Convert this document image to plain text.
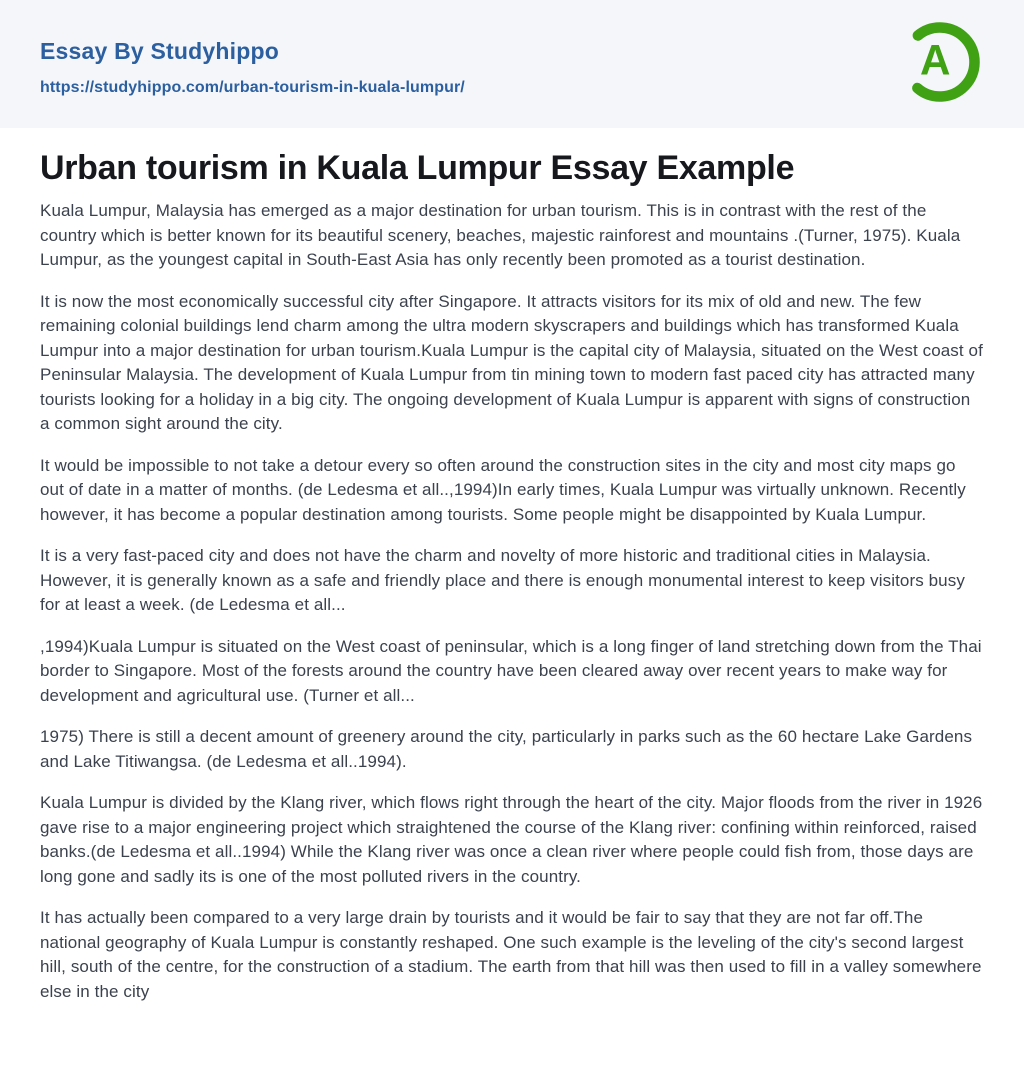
Essay By Studyhippo
https://studyhippo.com/urban-tourism-in-kuala-lumpur/
A
Urban tourism in Kuala Lumpur Essay Example

Kuala Lumpur, Malaysia has emerged as a major destination for urban tourism. This is in contrast with the rest of the country which is better known for its beautiful scenery, beaches, majestic rainforest and mountains .(Turner, 1975). Kuala Lumpur, as the youngest capital in South-East Asia has only recently been promoted as a tourist destination.

It is now the most economically successful city after Singapore. It attracts visitors for its mix of old and new. The few remaining colonial buildings lend charm among the ultra modern skyscrapers and buildings which has transformed Kuala Lumpur into a major destination for urban tourism.Kuala Lumpur is the capital city of Malaysia, situated on the West coast of Peninsular Malaysia. The development of Kuala Lumpur from tin mining town to modern fast paced city has attracted many tourists looking for a holiday in a big city. The ongoing development of Kuala Lumpur is apparent with signs of construction a common sight around the city.

It would be impossible to not take a detour every so often around the construction sites in the city and most city maps go out of date in a matter of months. (de Ledesma et all..,1994)In early times, Kuala Lumpur was virtually unknown. Recently however, it has become a popular destination among tourists. Some people might be disappointed by Kuala Lumpur.

It is a very fast-paced city and does not have the charm and novelty of more historic and traditional cities in Malaysia. However, it is generally known as a safe and friendly place and there is enough monumental interest to keep visitors busy for at least a week. (de Ledesma et all...

,1994)Kuala Lumpur is situated on the West coast of peninsular, which is a long finger of land stretching down from the Thai border to Singapore. Most of the forests around the country have been cleared away over recent years to make way for development and agricultural use. (Turner et all...

1975) There is still a decent amount of greenery around the city, particularly in parks such as the 60 hectare Lake Gardens and Lake Titiwangsa. (de Ledesma et all..1994).

Kuala Lumpur is divided by the Klang river, which flows right through the heart of the city. Major floods from the river in 1926 gave rise to a major engineering project which straightened the course of the Klang river: confining within reinforced, raised banks.(de Ledesma et all..1994) While the Klang river was once a clean river where people could fish from, those days are long gone and sadly its is one of the most polluted rivers in the country.

It has actually been compared to a very large drain by tourists and it would be fair to say that they are not far off.The national geography of Kuala Lumpur is constantly reshaped. One such example is the leveling of the city's second largest hill, south of the centre, for the construction of a stadium. The earth from that hill was then used to fill in a valley somewhere else in the city
